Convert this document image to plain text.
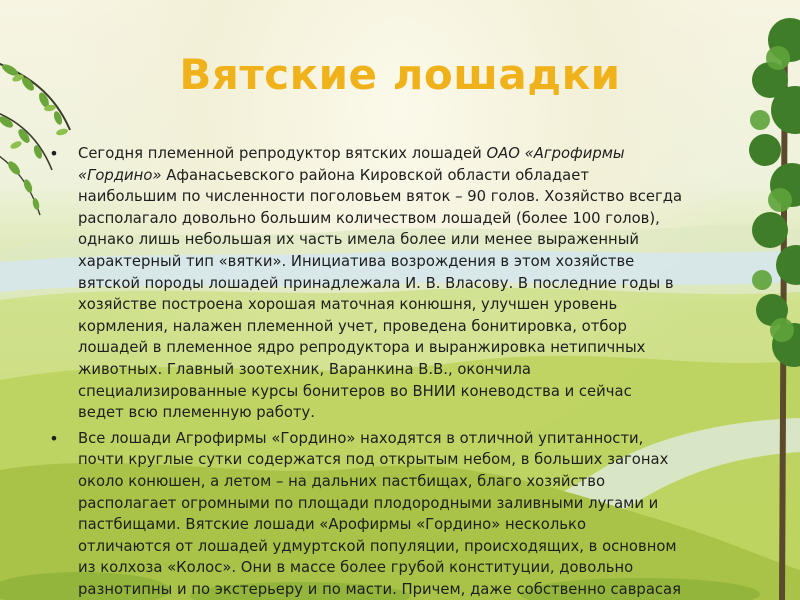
Вятские лошадки
• Сегодня племенной репродуктор вятских лошадей ОАО «Агрофирмы
«Гордино» Афанасьевского района Кировской области обладает
наибольшим по численности поголовьем вяток – 90 голов. Хозяйство всегда
располагало довольно большим количеством лошадей (более 100 голов),
однако лишь небольшая их часть имела более или менее выраженный
характерный тип «вятки». Инициатива возрождения в этом хозяйстве
вятской породы лошадей принадлежала И. В. Власову. В последние годы в
хозяйстве построена хорошая маточная конюшня, улучшен уровень
кормления, налажен племенной учет, проведена бонитировка, отбор
лошадей в племенное ядро репродуктора и выранжировка нетипичных
животных. Главный зоотехник, Варанкина В.В., окончила
специализированные курсы бонитеров во ВНИИ коневодства и сейчас
ведет всю племенную работу.
• Все лошади Агрофирмы «Гордино» находятся в отличной упитанности,
почти круглые сутки содержатся под открытым небом, в больших загонах
около конюшен, а летом – на дальних пастбищах, благо хозяйство
располагает огромными по площади плодородными заливными лугами и
пастбищами. Вятские лошади «Арофирмы «Гордино» несколько
отличаются от лошадей удмуртской популяции, происходящих, в основном
из колхоза «Колос». Они в массе более грубой конституции, довольно
разнотипны и по экстерьеру и по масти. Причем, даже собственно саврасая
